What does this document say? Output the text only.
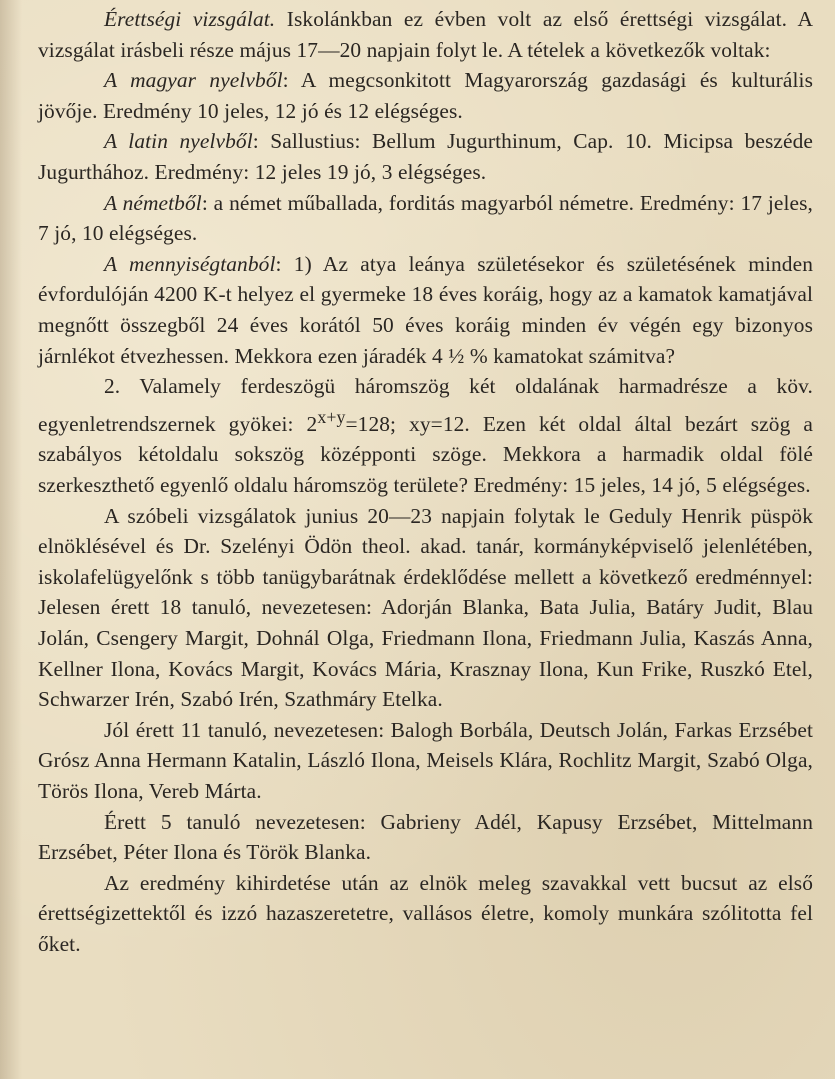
Érettségi vizsgálat. Iskolánkban ez évben volt az első érettségi vizsgálat. A vizsgálat irásbeli része május 17—20 napjain folyt le. A tételek a következők voltak:

A magyar nyelvből: A megcsonkitott Magyarország gazdasági és kulturális jövője. Eredmény 10 jeles, 12 jó és 12 elégséges.

A latin nyelvből: Sallustius: Bellum Jugurthinum, Cap. 10. Micipsa beszéde Jugurthához. Eredmény: 12 jeles 19 jó, 3 elégséges.

A németből: a német műballada, forditás magyarból németre. Eredmény: 17 jeles, 7 jó, 10 elégséges.

A mennyiségtanból: 1) Az atya leánya születésekor és születésének minden évfordulóján 4200 K-t helyez el gyermeke 18 éves koráig, hogy az a kamatok kamatjával megnőtt összegből 24 éves korától 50 éves koráig minden év végén egy bizonyos járnlékot étvezhessen. Mekkora ezen járadék 4 ½ % kamatokat számitva?

2. Valamely ferdeszögü háromszög két oldalának harmadrésze a köv. egyenletrendszernek gyökei: $2^{x+y}=128$; xy=12. Ezen két oldal által bezárt szög a szabályos kétoldalu sokszög középponti szöge. Mekkora a harmadik oldal fölé szerkeszthető egyenlő oldalu háromszög területe? Eredmény: 15 jeles, 14 jó, 5 elégséges.

A szóbeli vizsgálatok junius 20—23 napjain folytak le Geduly Henrik püspök elnöklésével és Dr. Szelényi Ödön theol. akad. tanár, kormányképviselő jelenlétében, iskolafelügyelőnk s több tanügybarátnak érdeklődése mellett a következő eredménnyel: Jelesen érett 18 tanuló, nevezetesen: Adorján Blanka, Bata Julia, Batáry Judit, Blau Jolán, Csengery Margit, Dohnál Olga, Friedmann Ilona, Friedmann Julia, Kaszás Anna, Kellner Ilona, Kovács Margit, Kovács Mária, Krasznay Ilona, Kun Frike, Ruszkó Etel, Schwarzer Irén, Szabó Irén, Szathmáry Etelka.

Jól érett 11 tanuló, nevezetesen: Balogh Borbála, Deutsch Jolán, Farkas Erzsébet Grósz Anna Hermann Katalin, László Ilona, Meisels Klára, Rochlitz Margit, Szabó Olga, Törös Ilona, Vereb Márta.

Érett 5 tanuló nevezetesen: Gabrieny Adél, Kapusy Erzsébet, Mittelmann Erzsébet, Péter Ilona és Török Blanka.

Az eredmény kihirdetése után az elnök meleg szavakkal vett bucsut az első érettségizettektől és izzó hazaszeretetre, vallásos életre, komoly munkára szólitotta fel őket.
